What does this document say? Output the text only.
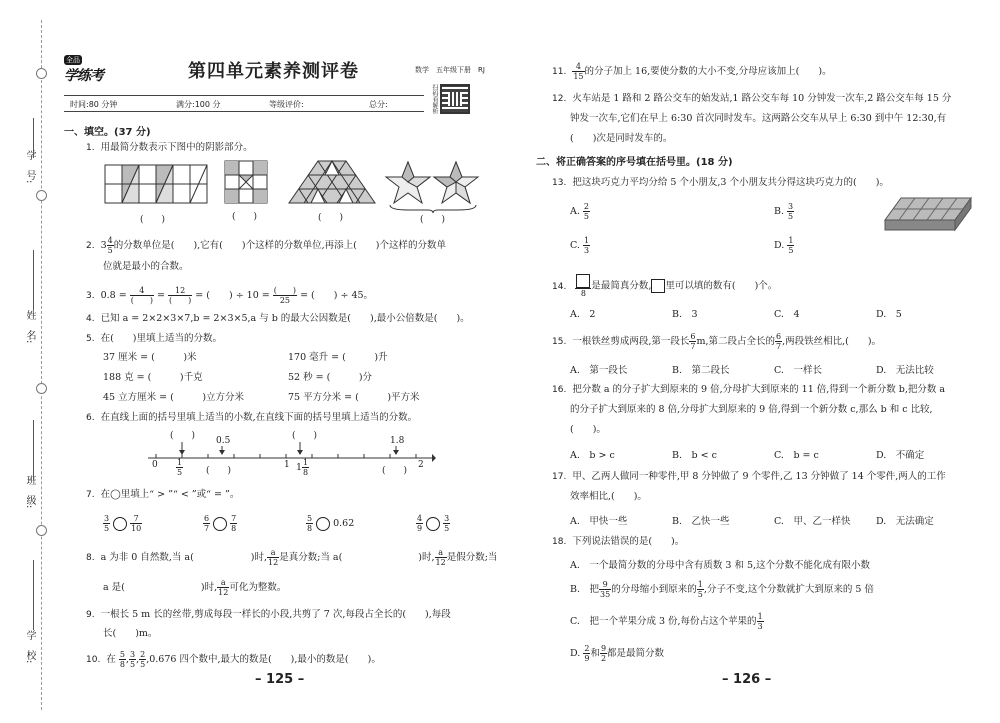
学　号:
姓　名:
班　级:
学　校:
全品
学练考	第四单元素养测评卷	数学　五年级下册　RJ
扫码看解析
时间:80 分钟	满分:100 分	等级评价:	总分:
一、填空。(37 分)
1. 用最简分数表示下图中的阴影部分。
(　　)	(　　)	(　　)	(　　)
2. $3 \frac{4}{5}$ 的分数单位是(　　),它有(　　)个这样的分数单位,再添上(　　)个这样的分数单
位就是最小的合数。
3. $0.8 = \frac{4}{( )} = \frac{12}{( )}$ = (　　) ÷ $10 = \frac{( )}{25}$ = (　　) ÷ 45。
4. 已知 a = 2×2×3×7,b = 2×3×5,a 与 b 的最大公因数是(　　),最小公倍数是(　　)。
5. 在(　　)里填上适当的分数。
37 厘米 = (　　　)米	170 毫升 = (　　　)升
188 克 = (　　　)千克	52 秒 = (　　　)分
45 立方厘米 = (　　　)立方分米	75 平方分米 = (　　　)平方米
6. 在直线上面的括号里填上适当的小数,在直线下面的括号里填上适当的分数。
(　　) 0.5	(　　)	1.8
$0 \frac{1}{5}$	(　　)
1 $1 \frac{1}{8}$	(　　)
2
7. 在◯里填上“ > ”“ < ”或“ = ”。
$\frac{3}{5}$	$\frac{7}{10}$	$\frac{6}{7}$	$\frac{7}{8}$	$\frac{5}{8} 0.62$	$\frac{4}{9}$	$\frac{3}{5}$
8. a 为非 0 自然数,当 a(　　　　　　)时, $\frac{a}{12}$ 是真分数;当 a(　　　　　　　　)时, $\frac{a}{12}$ 是假分数;当
a 是(　　　　　　　　)时, $\frac{a}{12}$ 可化为整数。
9. 一根长 5 m 长的丝带,剪成每段一样长的小段,共剪了 7 次,每段占全长的(　　),每段
长(　　)m。
10. 在 $\frac{5}{8}$ , $\frac{3}{5}$ , $\frac{2}{5} ,0.676$ 四个数中,最大的数是(　　),最小的数是(　　)。
– 125 –
11. $\frac{4}{15}$ 的分子加上 16,要使分数的大小不变,分母应该加上(　　)。
12. 火车站是 1 路和 2 路公交车的始发站,1 路公交车每 10 分钟发一次车,2 路公交车每 15 分
钟发一次车,它们在早上 6:30 首次同时发车。这两路公交车从早上 6:30 到中午 12:30,有
(　　)次是同时发车的。
二、将正确答案的序号填在括号里。(18 分)
13. 把这块巧克力平均分给 5 个小朋友,3 个小朋友共分得这块巧克力的(　　)。
A. $\frac{2}{5}$	B. $\frac{3}{5}$
C. $\frac{1}{3}$	D. $\frac{1}{5}$
14.
8
是最简真分数, 里可以填的数有(　　)个。
A.　2	B.　3	C.　4	D.　5
15. 一根铁丝剪成两段,第一段长 $\frac{6}{7} m$,第二段占全长的 $\frac{6}{7}$ ,两段铁丝相比,(　　)。
A.　第一段长	B.　第二段长	C.　一样长	D.　无法比较
16. 把分数 a 的分子扩大到原来的 9 倍,分母扩大到原来的 11 倍,得到一个新分数 b,把分数 a
的分子扩大到原来的 8 倍,分母扩大到原来的 9 倍,得到一个新分数 c,那么 b 和 c 比较,
(　　)。
A.　b > c	B.　b < c	C.　b = c	D.　不确定
17. 甲、乙两人做同一种零件,甲 8 分钟做了 9 个零件,乙 13 分钟做了 14 个零件,两人的工作
效率相比,(　　)。
A.　甲快一些	B.　乙快一些	C.　甲、乙一样快	D.　无法确定
18. 下列说法错误的是(　　)。
A.　一个最简分数的分母中含有质数 3 和 5,这个分数不能化成有限小数
B.　把 $\frac{9}{35}$ 的分母缩小到原来的 $\frac{1}{5}$ ,分子不变,这个分数就扩大到原来的 5 倍
C.　把一个苹果分成 3 份,每份占这个苹果的 $\frac{1}{3}$
D. $\frac{2}{9}$ 和 $\frac{9}{2}$ 都是最简分数
– 126 –
